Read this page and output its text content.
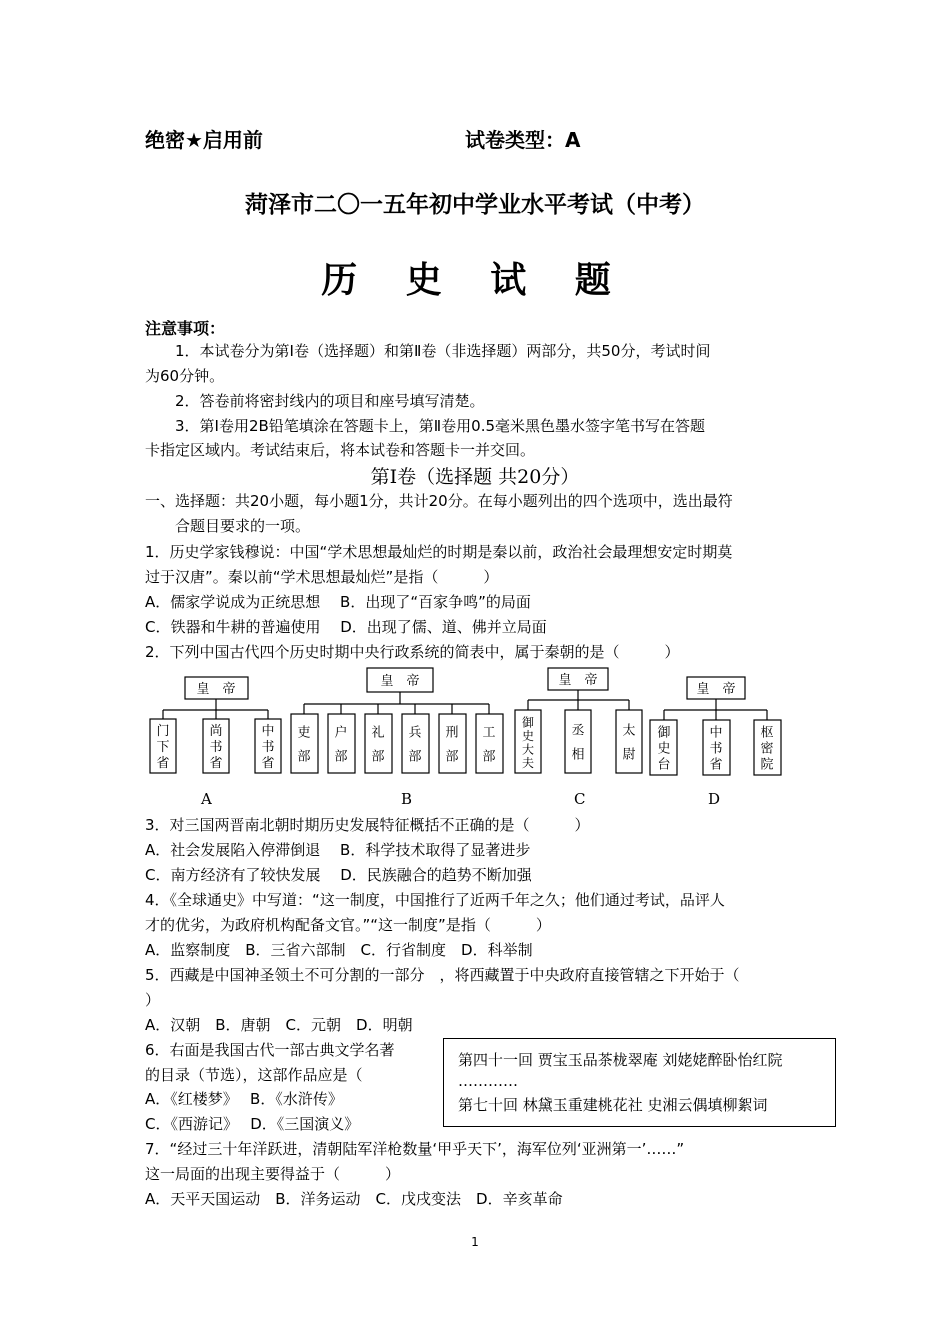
绝密★启用前	试卷类型：A
菏泽市二〇一五年初中学业水平考试（中考）
历 史 试 题
注意事项：
　　1．本试卷分为第Ⅰ卷（选择题）和第Ⅱ卷（非选择题）两部分，共50分，考试时间
为60分钟。
　　2．答卷前将密封线内的项目和座号填写清楚。
　　3．第Ⅰ卷用2B铅笔填涂在答题卡上，第Ⅱ卷用0.5毫米黑色墨水签字笔书写在答题
卡指定区域内。考试结束后，将本试卷和答题卡一并交回。
第Ⅰ卷（选择题 共20分）
一、选择题：共20小题，每小题1分，共计20分。在每小题列出的四个选项中，选出最符
　　合题目要求的一项。
1．历史学家钱穆说：中国“学术思想最灿烂的时期是秦以前，政治社会最理想安定时期莫
过于汉唐”。秦以前“学术思想最灿烂”是指（　　　）
A．儒家学说成为正统思想　 B．出现了“百家争鸣”的局面
C．铁器和牛耕的普遍使用　 D．出现了儒、道、佛并立局面
2．下列中国古代四个历史时期中央行政系统的简表中，属于秦朝的是（　　　）
皇　帝
皇　帝	皇　帝
皇　帝
门下省
尚书省
中书省
吏部
户部
礼部
兵部
刑部
工部
御史大夫
丞相
太尉
御史台
中书省
枢密院
A	B	C	D
3．对三国两晋南北朝时期历史发展特征概括不正确的是（　　　）
A．社会发展陷入停滞倒退　 B．科学技术取得了显著进步
C．南方经济有了较快发展　 D．民族融合的趋势不断加强
4．《全球通史》中写道：“这一制度，中国推行了近两千年之久；他们通过考试，品评人
才的优劣，为政府机构配备文官。”“这一制度”是指（　　　）
A．监察制度　B．三省六部制　C．行省制度　D．科举制
5．西藏是中国神圣领土不可分割的一部分　，将西藏置于中央政府直接管辖之下开始于（
）
A．汉朝　B．唐朝　C．元朝　D．明朝
6．右面是我国古代一部古典文学名著
的目录（节选），这部作品应是（
A．《红楼梦》　 B．《水浒传》
C．《西游记》　 D．《三国演义》
第四十一回 贾宝玉品茶栊翠庵 刘姥姥醉卧怡红院
…………
第七十回 林黛玉重建桃花社 史湘云偶填柳絮词
7．“经过三十年洋跃进，清朝陆军洋枪数量‘甲乎天下’，海军位列‘亚洲第一’……”
这一局面的出现主要得益于（　　　）
A．天平天国运动　B．洋务运动　C．戊戌变法　D．辛亥革命
1
